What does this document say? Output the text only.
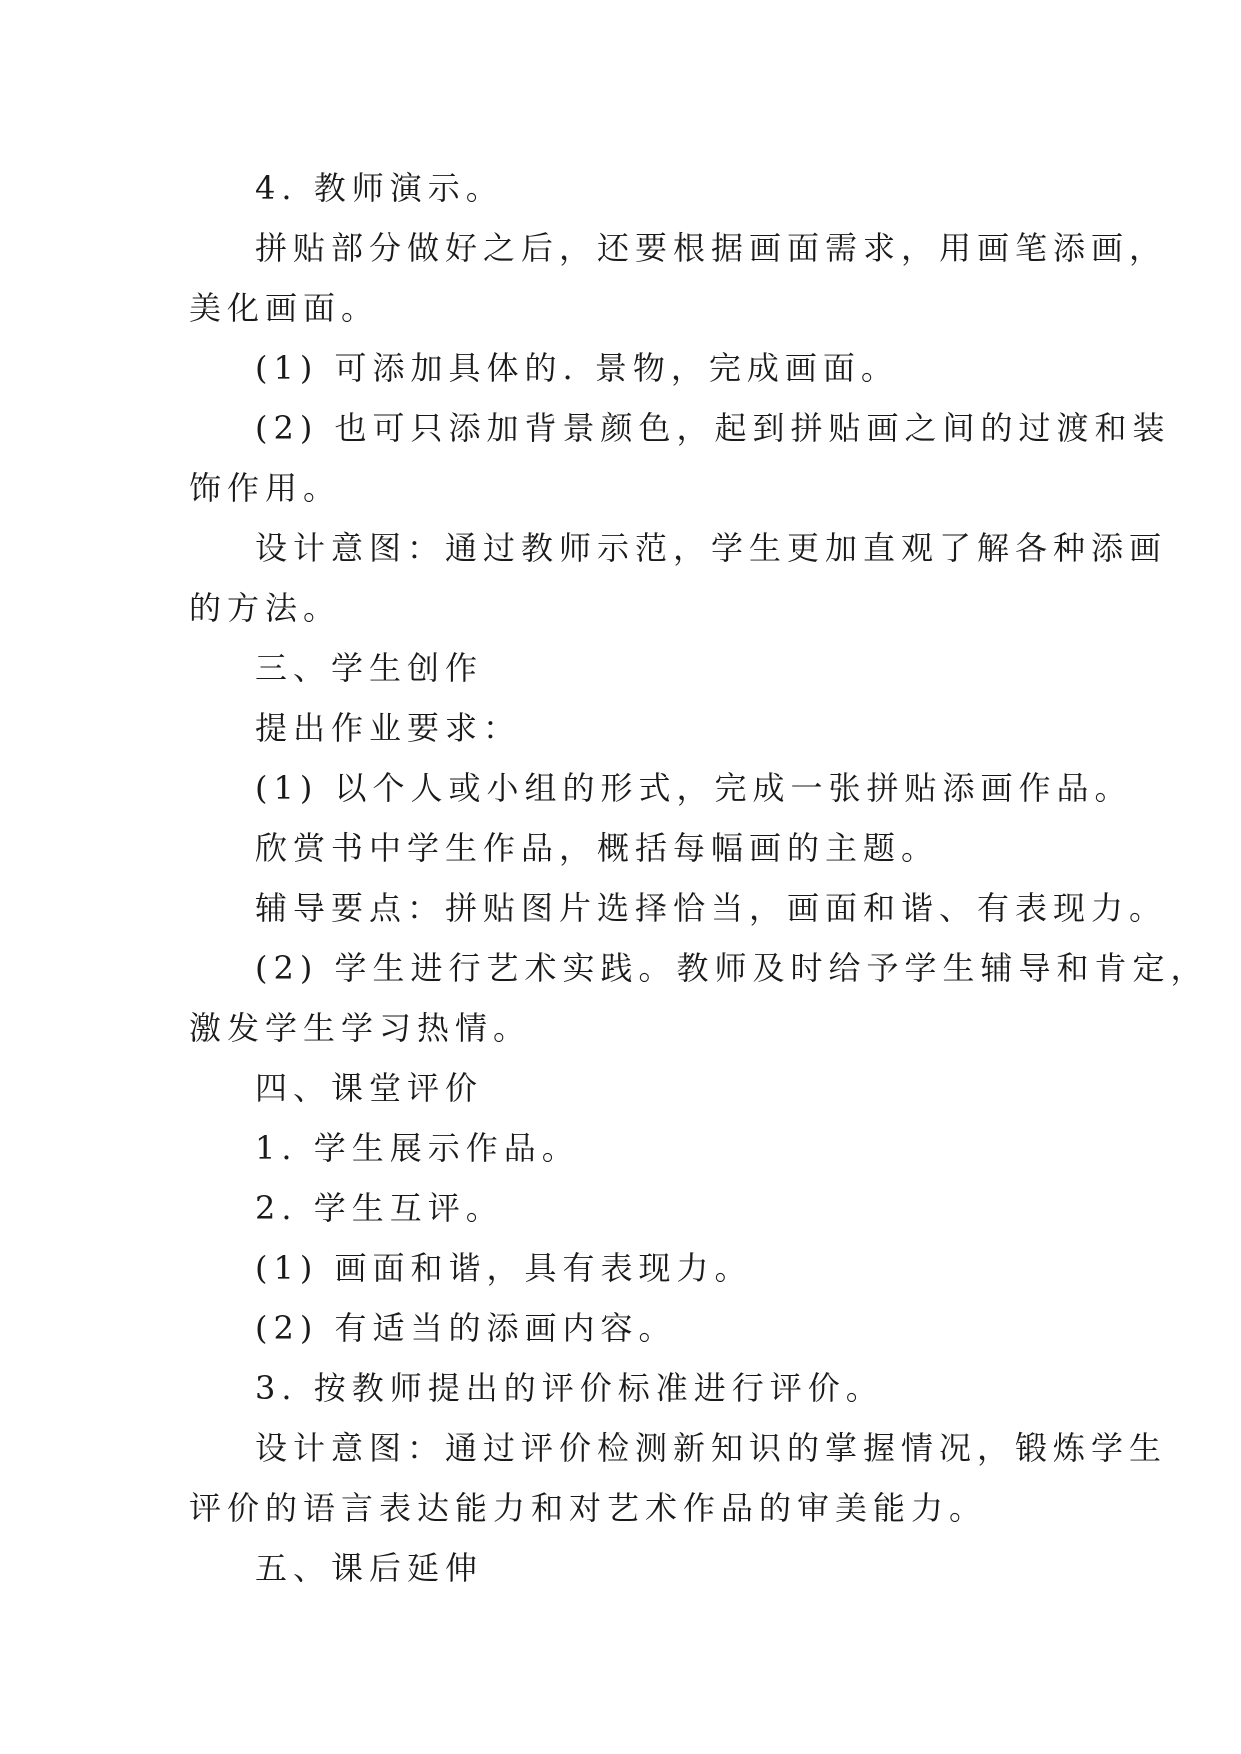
4. 教师演示。
拼贴部分做好之后，还要根据画面需求，用画笔添画，
美化画面。
(1) 可添加具体的. 景物，完成画面。
(2) 也可只添加背景颜色，起到拼贴画之间的过渡和装
饰作用。
设计意图：通过教师示范，学生更加直观了解各种添画
的方法。
三、学生创作
提出作业要求：
(1) 以个人或小组的形式，完成一张拼贴添画作品。
欣赏书中学生作品，概括每幅画的主题。
辅导要点：拼贴图片选择恰当，画面和谐、有表现力。
(2) 学生进行艺术实践。教师及时给予学生辅导和肯定，
激发学生学习热情。
四、课堂评价
1. 学生展示作品。
2. 学生互评。
(1) 画面和谐，具有表现力。
(2) 有适当的添画内容。
3. 按教师提出的评价标准进行评价。
设计意图：通过评价检测新知识的掌握情况，锻炼学生
评价的语言表达能力和对艺术作品的审美能力。
五、课后延伸
